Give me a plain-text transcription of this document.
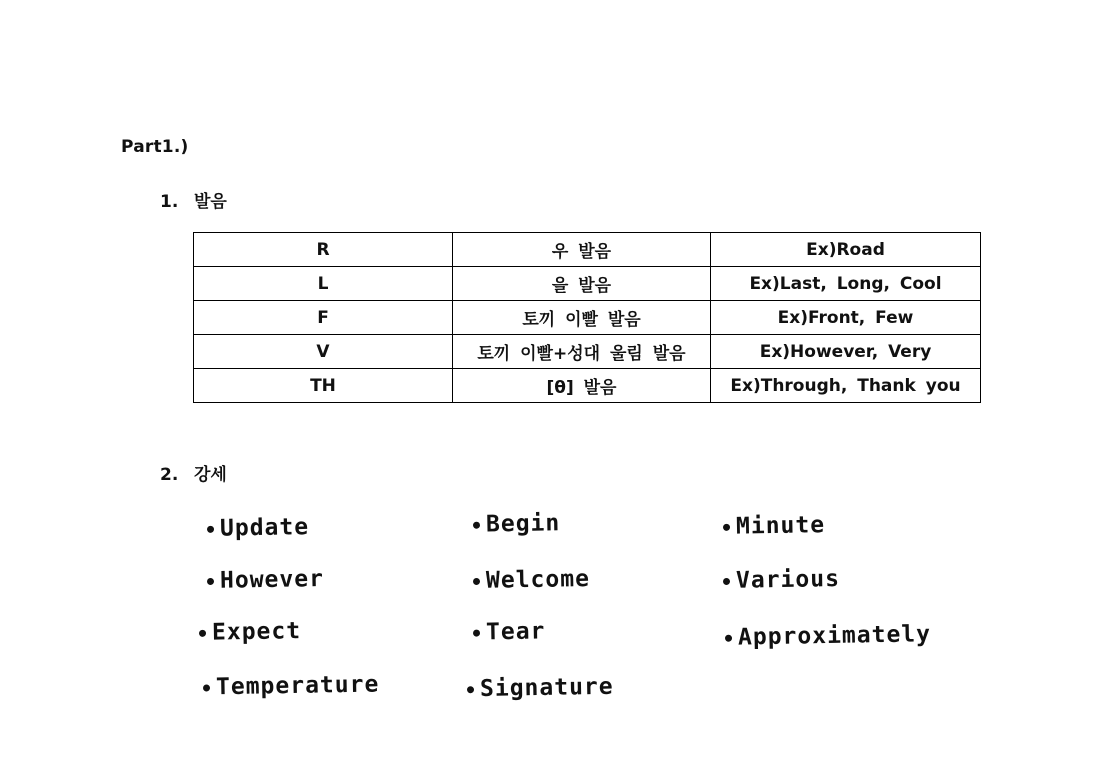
Part1.)
1. 발음
R	우 발음	Ex)Road
L	을 발음	Ex)Last, Long, Cool
F	토끼 이빨 발음	Ex)Front, Few
V	토끼 이빨+성대 울림 발음	Ex)However, Very
TH	[θ] 발음	Ex)Through, Thank you
2. 강세
Update	Begin	Minute
However	Welcome	Various
Expect	Tear	Approximately
Temperature	Signature
